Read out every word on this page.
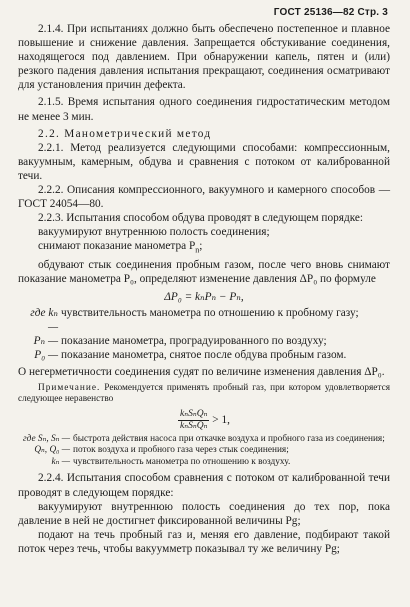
ГОСТ 25136—82 Стр. 3

2.1.4. При испытаниях должно быть обеспечено постепенное и плавное повышение и снижение давления. Запрещается обстукивание соединения, находящегося под давлением. При обнаружении капель, пятен и (или) резкого падения давления испытания прекращают, соединения осматривают для установления причин дефекта.

2.1.5. Время испытания одного соединения гидростатическим методом не менее 3 мин.

2.2. Манометрический метод

2.2.1. Метод реализуется следующими способами: компрессионным, вакуумным, камерным, обдува и сравнения с потоком от калиброванной течи.

2.2.2. Описания компрессионного, вакуумного и камерного способов — ГОСТ 24054—80.

2.2.3. Испытания способом обдува проводят в следующем порядке:

вакуумируют внутреннюю полость соединения;

снимают показание манометра $P_n$;

обдувают стык соединения пробным газом, после чего вновь снимают показание манометра P₀, определяют изменение давления ΔP₀ по формуле

ΔP₀ = kₙPₙ − Pₙ,

где kₙ —
чувствительность манометра по отношению к пробному газу;
Pₙ — показание манометра, проградуированного по воздуху;
P₀ — показание манометра, снятое после обдува пробным газом.

О негерметичности соединения судят по величине изменения давления ΔP₀.

Примечание. Рекомендуется применять пробный газ, при котором удовлетворяется следующее неравенство

$\frac{\text{kₙSₙQₙ}}{\text{kₙSₙQₙ}} > 1$,
где Sₙ, Sₙ — быстрота действия насоса при откачке воздуха и пробного газа из соединения;
Qₙ, Q₀ — поток воздуха и пробного газа через стык соединения;
kₙ — чувствительность манометра по отношению к воздуху.

2.2.4. Испытания способом сравнения с потоком от калиброванной течи проводят в следующем порядке:

вакуумируют внутреннюю полость соединения до тех пор, пока давление в ней не достигнет фиксированной величины Pg;

подают на течь пробный газ и, меняя его давление, подбирают такой поток через течь, чтобы вакуумметр показывал ту же величину Pg;
